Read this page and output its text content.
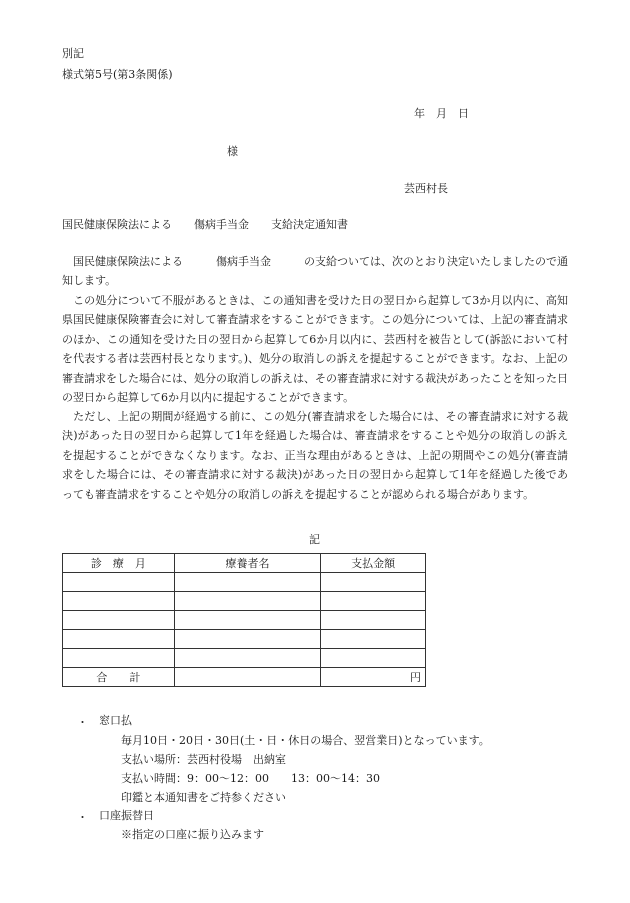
別記
様式第5号(第3条関係)
年　月　日
様
芸西村長
国民健康保険法による　　傷病手当金　　支給決定通知書
国民健康保険法による　　　傷病手当金　　　の支給ついては、次のとおり決定いたしましたので通知します。
この処分について不服があるときは、この通知書を受けた日の翌日から起算して3か月以内に、高知県国民健康保険審査会に対して審査請求をすることができます。この処分については、上記の審査請求のほか、この通知を受けた日の翌日から起算して6か月以内に、芸西村を被告として(訴訟において村を代表する者は芸西村長となります。)、処分の取消しの訴えを提起することができます。なお、上記の審査請求をした場合には、処分の取消しの訴えは、その審査請求に対する裁決があったことを知った日の翌日から起算して6か月以内に提起することができます。
ただし、上記の期間が経過する前に、この処分(審査請求をした場合には、その審査請求に対する裁決)があった日の翌日から起算して1年を経過した場合は、審査請求をすることや処分の取消しの訴えを提起することができなくなります。なお、正当な理由があるときは、上記の期間やこの処分(審査請求をした場合には、その審査請求に対する裁決)があった日の翌日から起算して1年を経過した後であっても審査請求をすることや処分の取消しの訴えを提起することが認められる場合があります。
記
診　療　月	療養者名	支払金額

合　　計		円
・ 窓口払
毎月10日・20日・30日(土・日・休日の場合、翌営業日)となっています。
支払い場所：芸西村役場　出納室
支払い時間：9：00～12：00　　13：00～14：30
印鑑と本通知書をご持参ください
・ 口座振替日
※指定の口座に振り込みます
